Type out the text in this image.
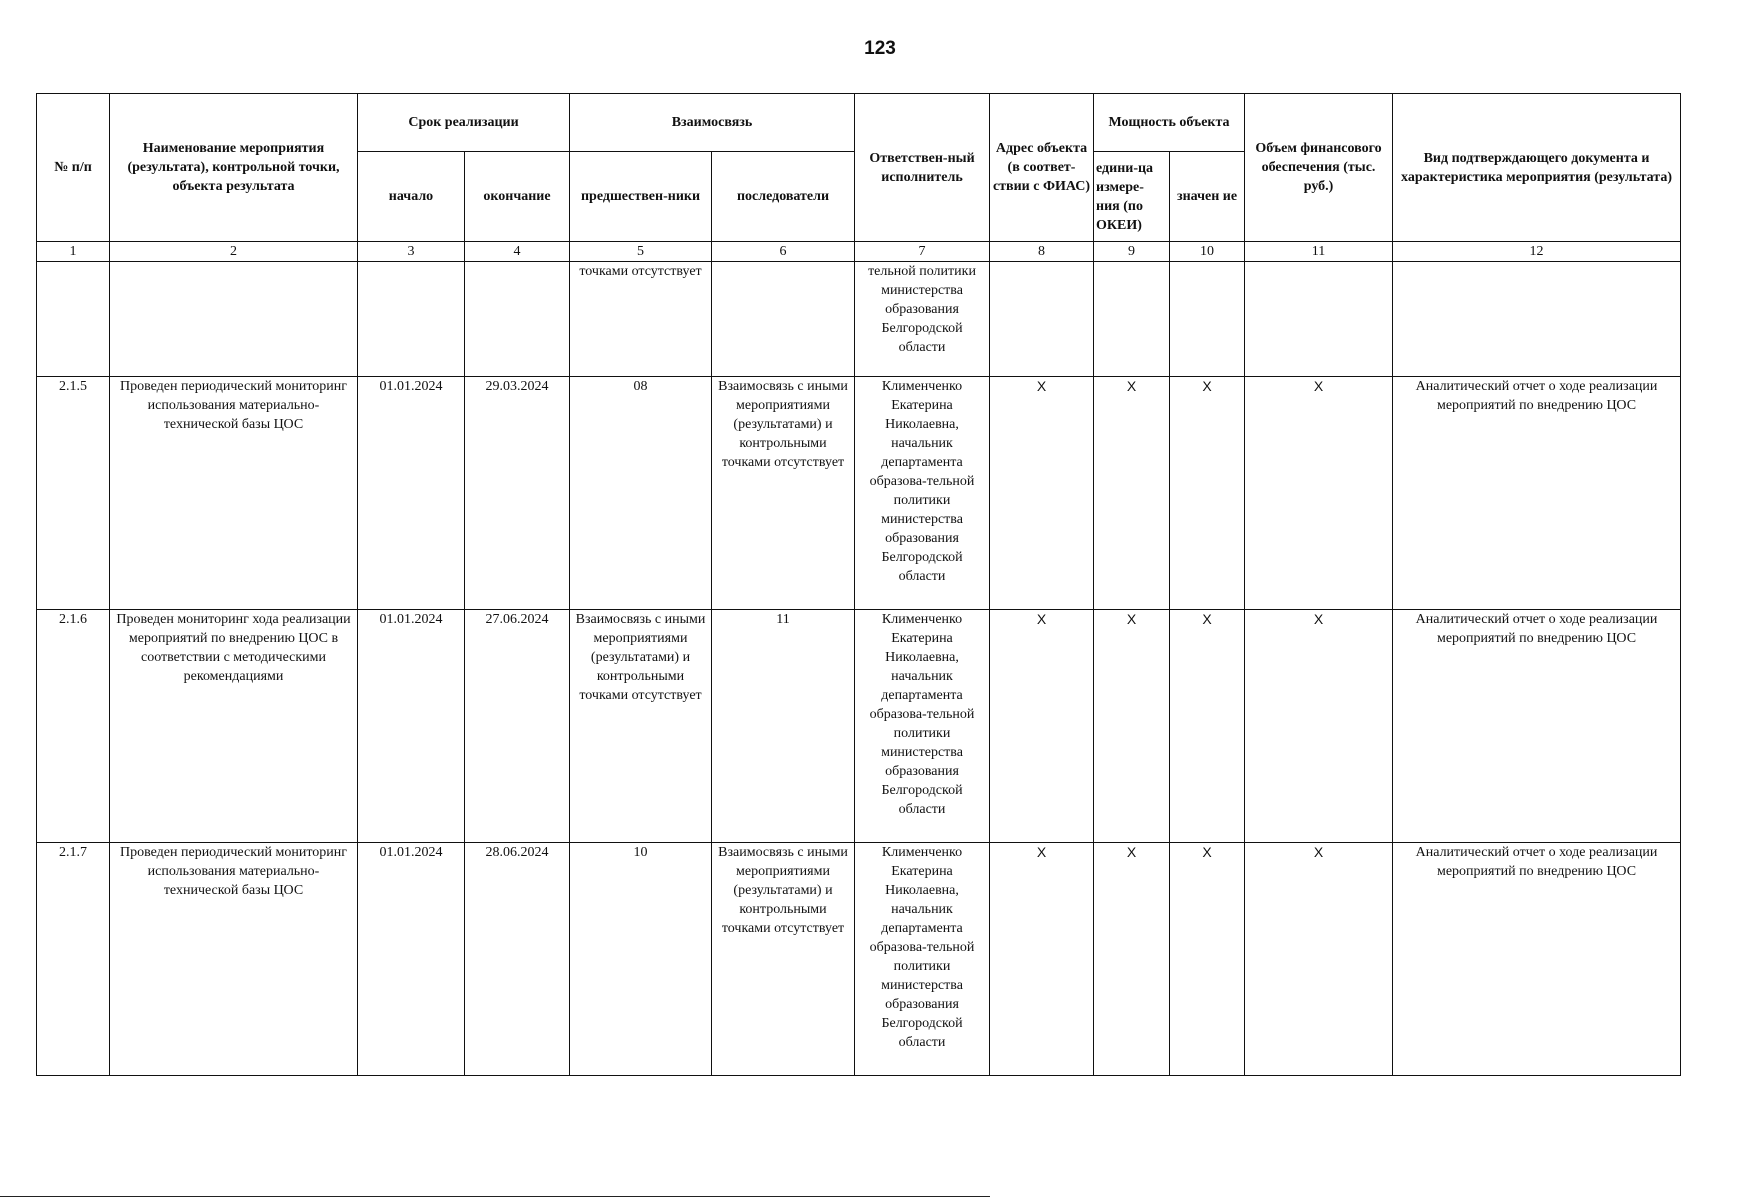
123
№ п/п	Наименование мероприятия (результата), контрольной точки, объекта результата	Срок реализации		Взаимосвязь		Ответствен-ный исполнитель	Адрес объекта (в соответ-ствии с ФИАС)	Мощность объекта		Объем финансового обеспечения (тыс. руб.)	Вид подтверждающего документа и характеристика мероприятия (результата)
		начало	окончание	предшествен-ники	последователи			едини-ца измере-ния (по ОКЕИ)	значен ие		
1	2	3	4	5	6	7	8	9	10	11	12
				точками отсутствует		тельной политики министерства образования Белгородской области					
2.1.5	Проведен периодический мониторинг использования материально-технической базы ЦОС	01.01.2024	29.03.2024	08	Взаимосвязь с иными мероприятиями (результатами) и контрольными точками отсутствует	Клименченко Екатерина Николаевна, начальник департамента образова-тельной политики министерства образования Белгородской области	X	X	X	X	Аналитический отчет о ходе реализации мероприятий по внедрению ЦОС
2.1.6	Проведен мониторинг хода реализации мероприятий по внедрению ЦОС в соответствии с методическими рекомендациями	01.01.2024	27.06.2024	Взаимосвязь с иными мероприятиями (результатами) и контрольными точками отсутствует	11	Клименченко Екатерина Николаевна, начальник департамента образова-тельной политики министерства образования Белгородской области	X	X	X	X	Аналитический отчет о ходе реализации мероприятий по внедрению ЦОС
2.1.7	Проведен периодический мониторинг использования материально-технической базы ЦОС	01.01.2024	28.06.2024	10	Взаимосвязь с иными мероприятиями (результатами) и контрольными точками отсутствует	Клименченко Екатерина Николаевна, начальник департамента образова-тельной политики министерства образования Белгородской области	X	X	X	X	Аналитический отчет о ходе реализации мероприятий по внедрению ЦОС
